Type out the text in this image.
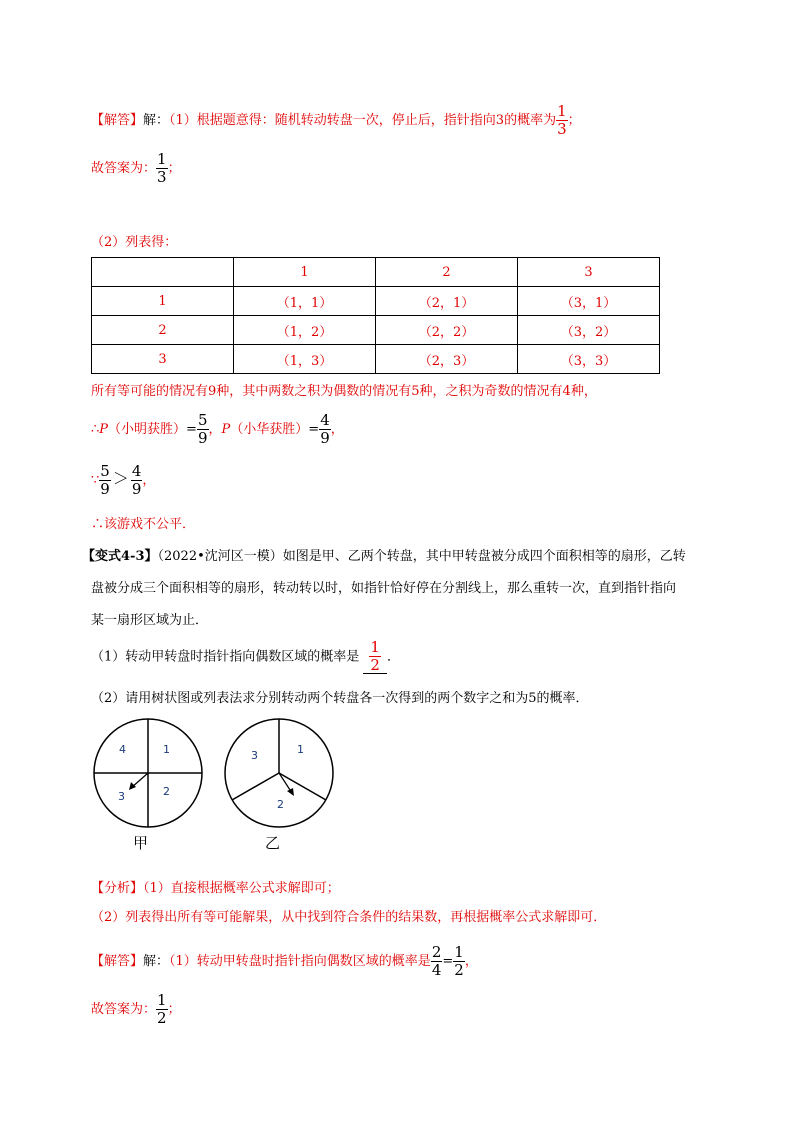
【解答】解：（1）根据题意得：随机转动转盘一次，停止后，指针指向3的概率为 $\frac{1}{3}$ ；
故答案为： $\frac{1}{3}$ ；
（2）列表得：
	1	2	3
1	（1，1）	（2，1）	（3，1）
2	（1，2）	（2，2）	（3，2）
3	（1，3）	（2，3）	（3，3）
所有等可能的情况有9种，其中两数之积为偶数的情况有5种，之积为奇数的情况有4种，
∴P（小明获胜）= $\frac{5}{9}$ ，P（小华获胜）= $\frac{4}{9}$ ，
∵ $\frac{5}{9} > \frac{4}{9}$ ，
∴该游戏不公平．
【变式4-3】（2022•沈河区一模）如图是甲、乙两个转盘，其中甲转盘被分成四个面积相等的扇形，乙转
盘被分成三个面积相等的扇形，转动转以时，如指针恰好停在分割线上，那么重转一次，直到指针指向
某一扇形区域为止．
（1）转动甲转盘时指针指向偶数区域的概率是 $\frac{1}{2}$ ．
（2）请用树状图或列表法求分别转动两个转盘各一次得到的两个数字之和为5的概率．
4	1
3	2
3	1
2
甲	乙
【分析】（1）直接根据概率公式求解即可；
（2）列表得出所有等可能解果，从中找到符合条件的结果数，再根据概率公式求解即可．
【解答】解：（1）转动甲转盘时指针指向偶数区域的概率是 $\frac{2}{4} = \frac{1}{2}$ ，
故答案为： $\frac{1}{2}$ ；
